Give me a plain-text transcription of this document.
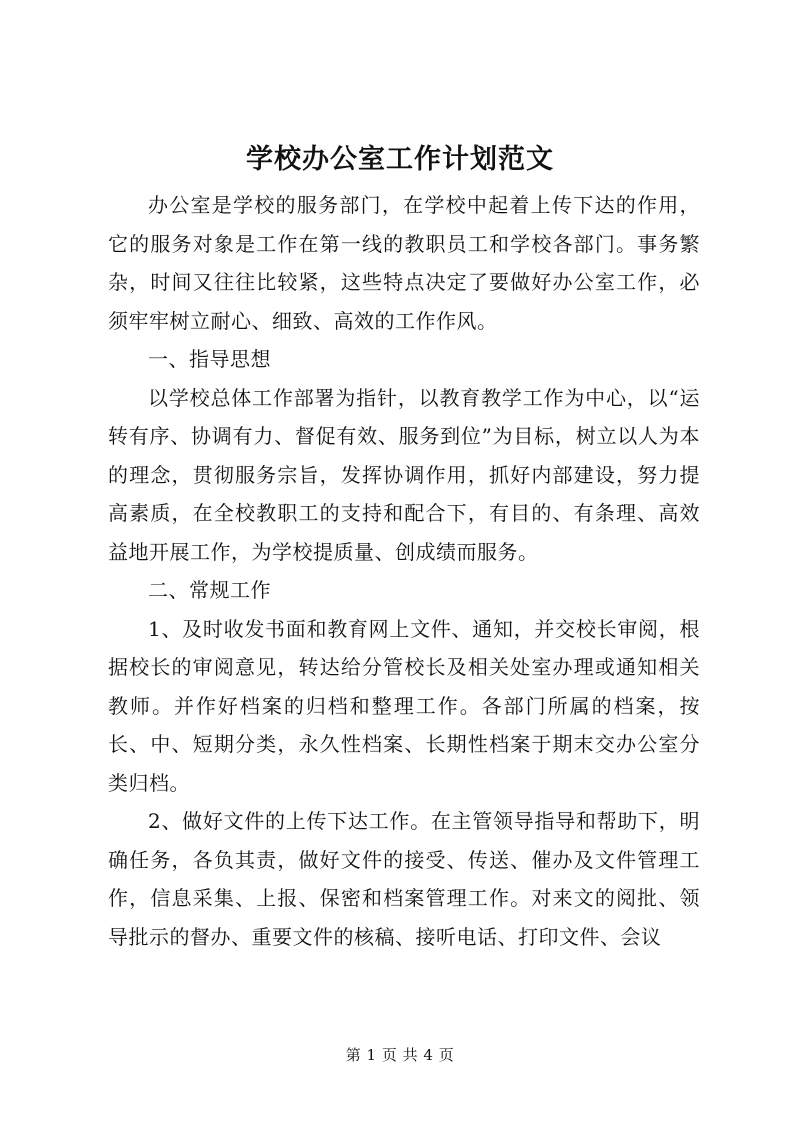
学校办公室工作计划范文

办公室是学校的服务部门，在学校中起着上传下达的作用，它的服务对象是工作在第一线的教职员工和学校各部门。事务繁杂，时间又往往比较紧，这些特点决定了要做好办公室工作，必须牢牢树立耐心、细致、高效的工作作风。

一、指导思想

以学校总体工作部署为指针，以教育教学工作为中心，以“运转有序、协调有力、督促有效、服务到位”为目标，树立以人为本的理念，贯彻服务宗旨，发挥协调作用，抓好内部建设，努力提高素质，在全校教职工的支持和配合下，有目的、有条理、高效益地开展工作，为学校提质量、创成绩而服务。

二、常规工作

1、及时收发书面和教育网上文件、通知，并交校长审阅，根据校长的审阅意见，转达给分管校长及相关处室办理或通知相关教师。并作好档案的归档和整理工作。各部门所属的档案，按长、中、短期分类，永久性档案、长期性档案于期末交办公室分类归档。

2、做好文件的上传下达工作。在主管领导指导和帮助下，明确任务，各负其责，做好文件的接受、传送、催办及文件管理工作，信息采集、上报、保密和档案管理工作。对来文的阅批、领导批示的督办、重要文件的核稿、接听电话、打印文件、会议

第 1 页 共 4 页
